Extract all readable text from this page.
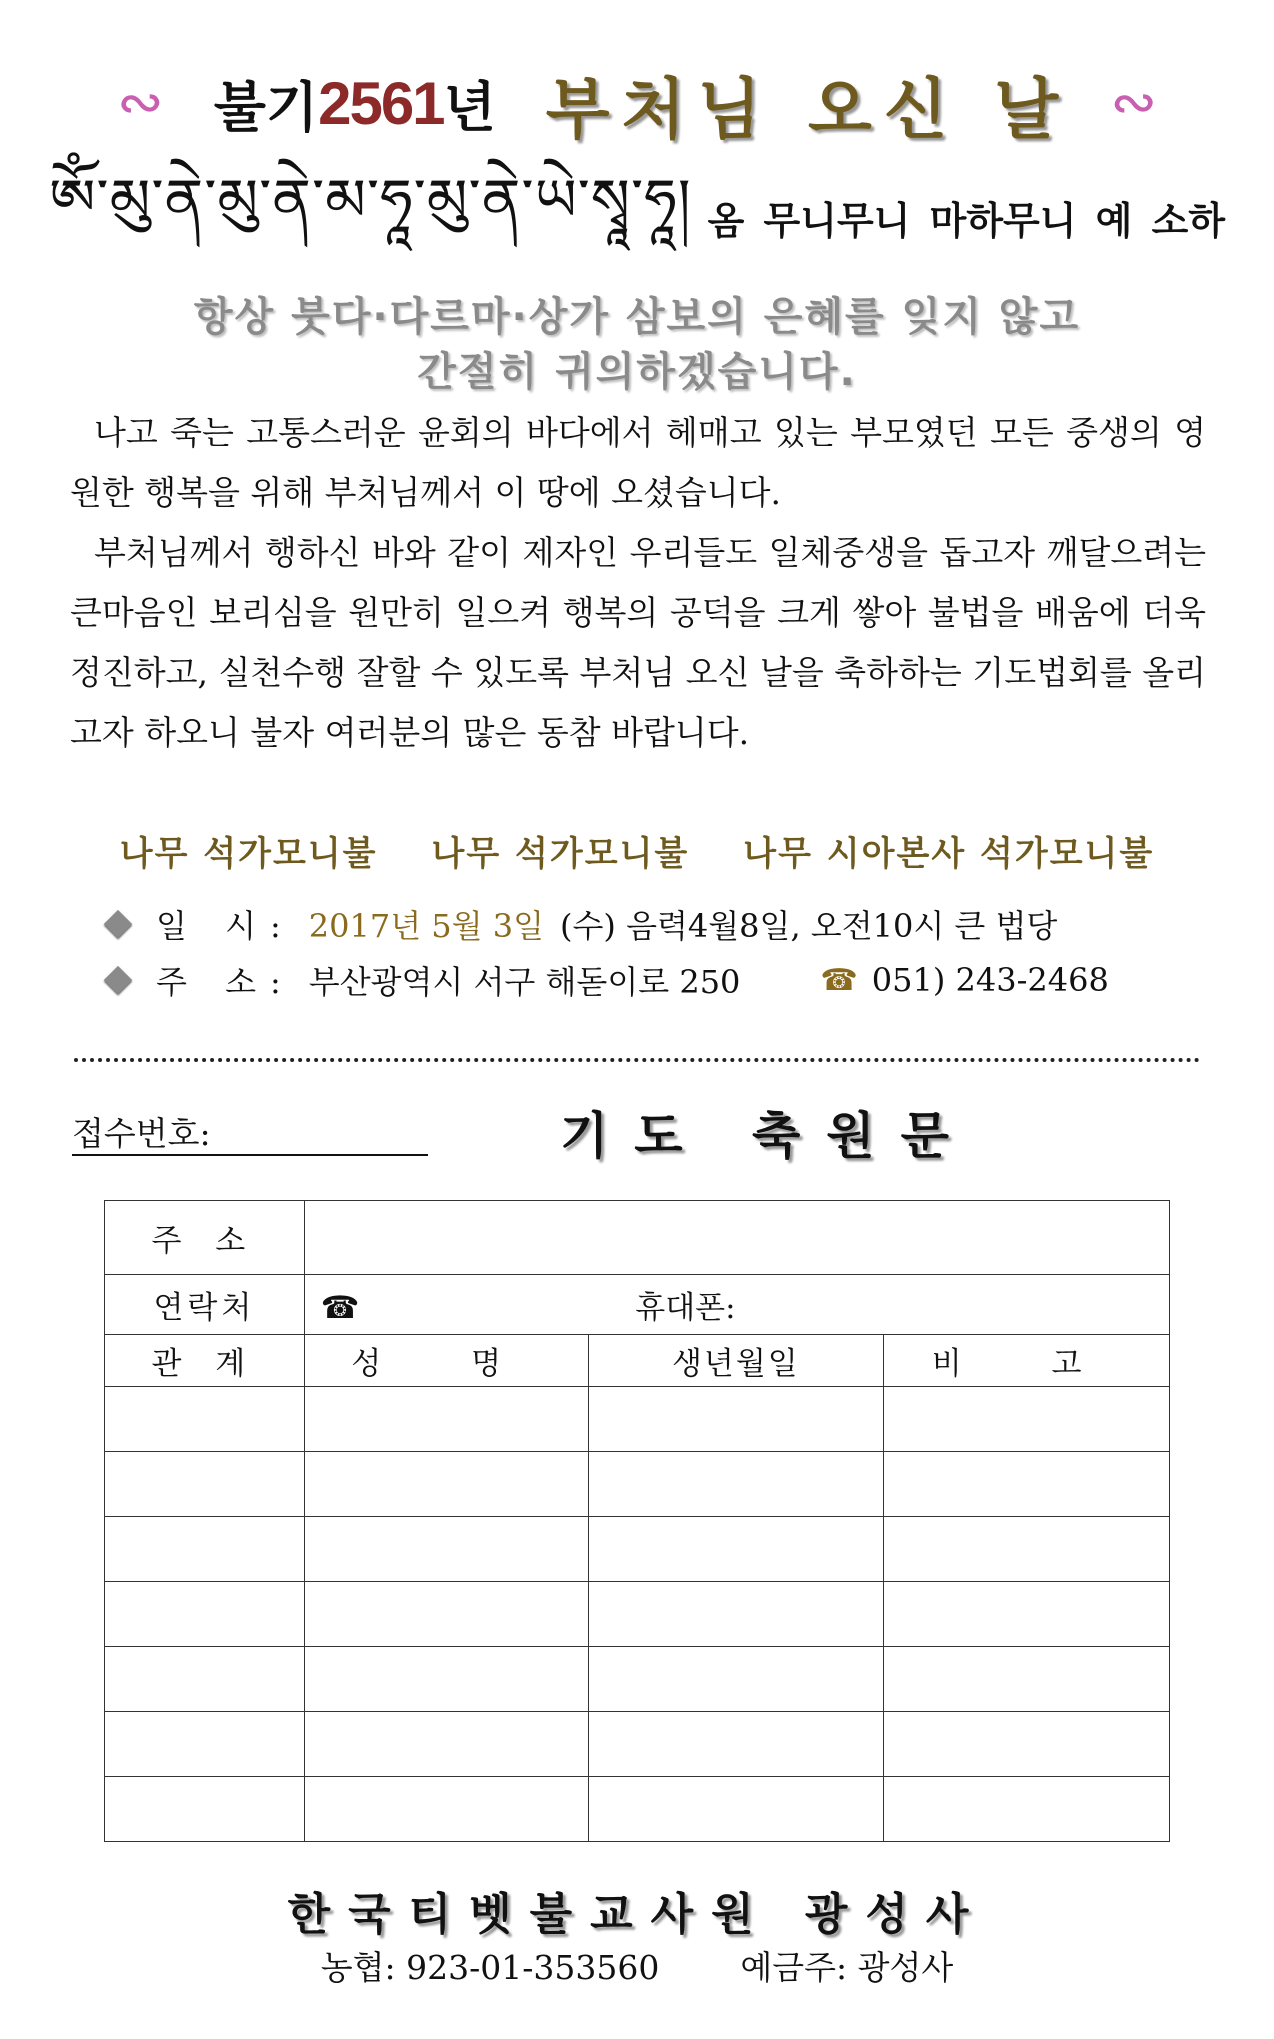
∾ 불기 2561 년 부처님 오신 날 ∾
ཨོཾ་མུ་ནེ་མུ་ནེ་མ་ཧཱ་མུ་ནེ་ཡེ་སྭཱ་ཧཱ། 옴 무니무니 마하무니 예 소하
항상 붓다·다르마·상가 삼보의 은혜를 잊지 않고
간절히 귀의하겠습니다.
나고 죽는 고통스러운 윤회의 바다에서 헤매고 있는 부모였던 모든 중생의 영원한 행복을 위해 부처님께서 이 땅에 오셨습니다.
부처님께서 행하신 바와 같이 제자인 우리들도 일체중생을 돕고자 깨달으려는 큰마음인 보리심을 원만히 일으켜 행복의 공덕을 크게 쌓아 불법을 배움에 더욱 정진하고, 실천수행 잘할 수 있도록 부처님 오신 날을 축하하는 기도법회를 올리고자 하오니 불자 여러분의 많은 동참 바랍니다.
나무 석가모니불 나무 석가모니불 나무 시아본사 석가모니불
일 시: 2017년 5월 3일 (수) 음력4월8일, 오전10시 큰 법당
주 소: 부산광역시 서구 해돋이로 250	☎ 051) 243-2468
접수번호:	기도 축원문
주 소			
연락처	☎ 휴대폰:		
관 계	성 명	생년월일	비 고

한국티벳불교사원 광성사
농협: 923-01-353560 예금주: 광성사
